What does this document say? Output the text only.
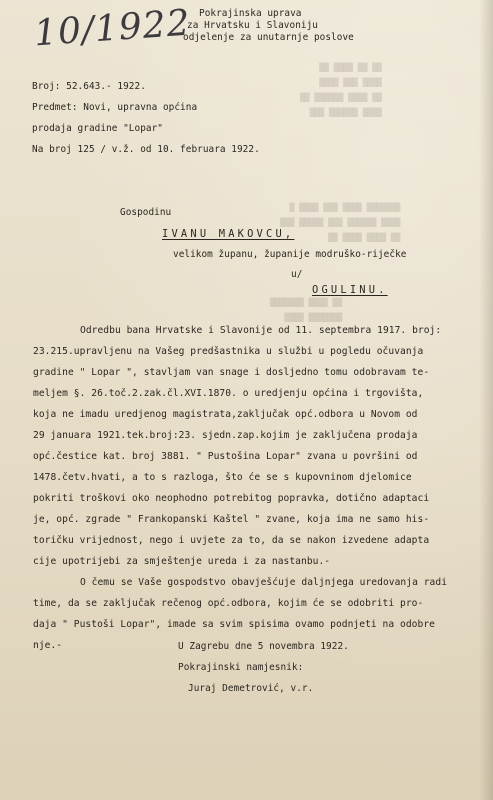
██ ██ ████ ██
████ ███ ████
██ ████ ██████ ██
████ ██████ ███
███████ ████ ███ ████ █
████ ██████ ███ █████ ███
██ ████ ████ ██
██ ████ ███████
███████ ████
10/1922 Pokrajinska uprava
za Hrvatsku i Slavoniju
odjelenje za unutarnje poslove
Broj: 52.643.- 1922.
Predmet: Novi, upravna općina
prodaja gradine "Lopar"
Na broj 125 / v.ž. od 10. februara 1922.
Gospodinu
IVANU MAKOVCU,
velikom županu, županije modruško-riječke
u/
OGULINU.
Odredbu bana Hrvatske i Slavonije od 11. septembra 1917. broj:
23.215.upravljenu na Vašeg predšastnika u službi u pogledu očuvanja
gradine " Lopar ", stavljam van snage i dosljedno tomu odobravam te-
meljem §. 26.toč.2.zak.čl.XVI.1870. o uredjenju općina i trgovišta,
koja ne imadu uredjenog magistrata,zaključak opć.odbora u Novom od
29 januara 1921.tek.broj:23. sjedn.zap.kojim je zaključena prodaja
opć.čestice kat. broj 3881. " Pustošina Lopar" zvana u površini od
1478.četv.hvati, a to s razloga, što će se s kupovninom djelomice
pokriti troškovi oko neophodno potrebitog popravka, dotično adaptaci
je, opć. zgrade " Frankopanski Kaštel " zvane, koja ima ne samo his-
toričku vrijednost, nego i uvjete za to, da se nakon izvedene adapta
cije upotrijebi za smještenje ureda i za nastanbu.-
O čemu se Vaše gospodstvo obavješćuje daljnjega uredovanja radi
time, da se zaključak rečenog opć.odbora, kojim će se odobriti pro-
daja " Pustoši Lopar", imade sa svim spisima ovamo podnjeti na odobre
nje.-	U Zagrebu dne 5 novembra 1922.
Pokrajinski namjesnik:
Juraj Demetrović, v.r.
